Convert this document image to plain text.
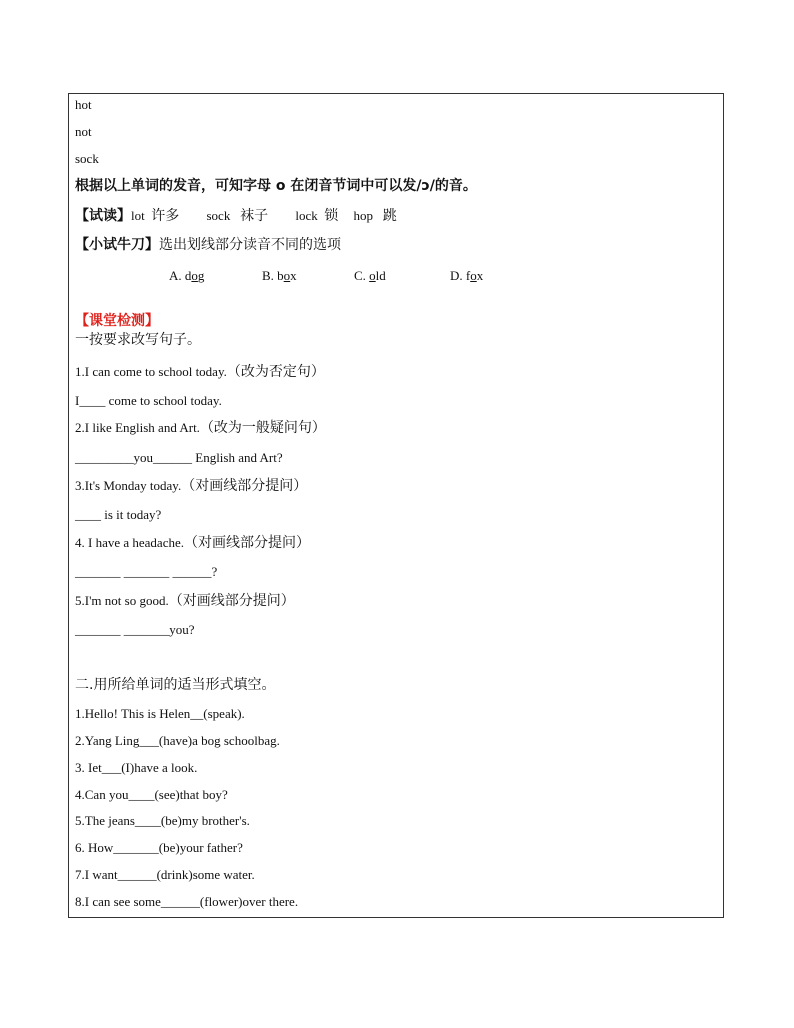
hot
not
sock
根据以上单词的发音，可知字母 o 在闭音节词中可以发/ɔ/的音。
【试读】lot 许多 sock 袜子 lock 锁 hop 跳
【小试牛刀】选出划线部分读音不同的选项
A. dog	B. box	C. old	D. fox
【课堂检测】
一按要求改写句子。
1.I can come to school today.（改为否定句）
I____ come to school today.
2.I like English and Art.（改为一般疑问句）
_________you______ English and Art?
3.It's Monday today.（对画线部分提问）
____ is it today?
4. I have a headache.（对画线部分提问）
_______ _______ ______?
5.I'm not so good.（对画线部分提问）
_______ _______you?
二.用所给单词的适当形式填空。
1.Hello! This is Helen__(speak).
2.Yang Ling___(have)a bog schoolbag.
3. Iet___(I)have a look.
4.Can you____(see)that boy?
5.The jeans____(be)my brother's.
6. How_______(be)your father?
7.I want______(drink)some water.
8.I can see some______(flower)over there.
